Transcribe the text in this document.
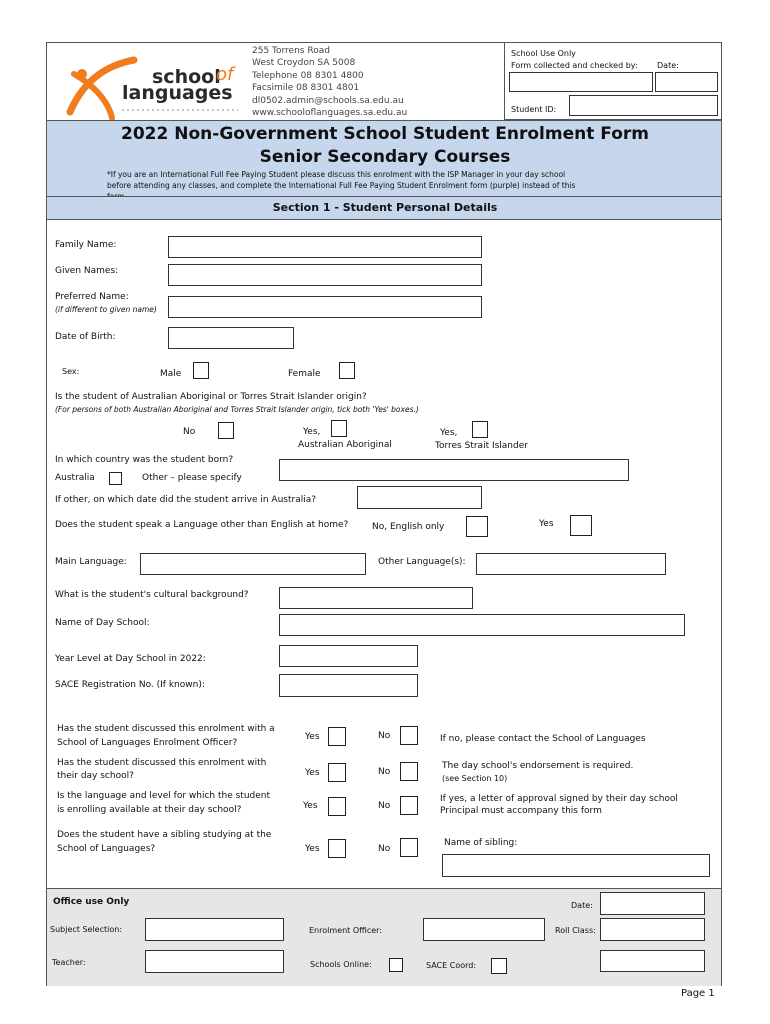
school
of
languages
255 Torrens Road
West Croydon SA 5008
Telephone 08 8301 4800
Facsimile 08 8301 4801
dl0502.admin@schools.sa.edu.au
www.schooloflanguages.sa.edu.au
School Use Only
Form collected and checked by: Date:
Student ID:
2022 Non-Government School Student Enrolment Form
Senior Secondary Courses
*If you are an International Full Fee Paying Student please discuss this enrolment with the ISP Manager in your day school
before attending any classes, and complete the International Full Fee Paying Student Enrolment form (purple) instead of this
Section 1 - Student Personal Details
Family Name:
Given Names:
Preferred Name:
(if different to given name)
Date of Birth:
Sex:	Male	Female
Is the student of Australian Aboriginal or Torres Strait Islander origin?
(For persons of both Australian Aboriginal and Torres Strait Islander origin, tick both 'Yes' boxes.)
No	Yes,
Australian Aboriginal
Yes,
Torres Strait Islander
In which country was the student born?
Australia	Other – please specify
If other, on which date did the student arrive in Australia?
Does the student speak a Language other than English at home?	No, English only	Yes
Main Language:	Other Language(s):
What is the student's cultural background?
Name of Day School:
Year Level at Day School in 2022:
SACE Registration No. (If known):
Has the student discussed this enrolment with a
School of Languages Enrolment Officer?
Yes	No	If no, please contact the School of Languages
Has the student discussed this enrolment with
their day school?	Yes	No
The day school's endorsement is required.
(see Section 10)
Is the language and level for which the student
is enrolling available at their day school?	Yes	No
If yes, a letter of approval signed by their day school
Principal must accompany this form
Does the student have a sibling studying at the
School of Languages?	Yes	No
Name of sibling:
Office use Only	Date:
Subject Selection:	Enrolment Officer:	Roll Class:
Teacher:	Schools Online:	SACE Coord:
Page 1
